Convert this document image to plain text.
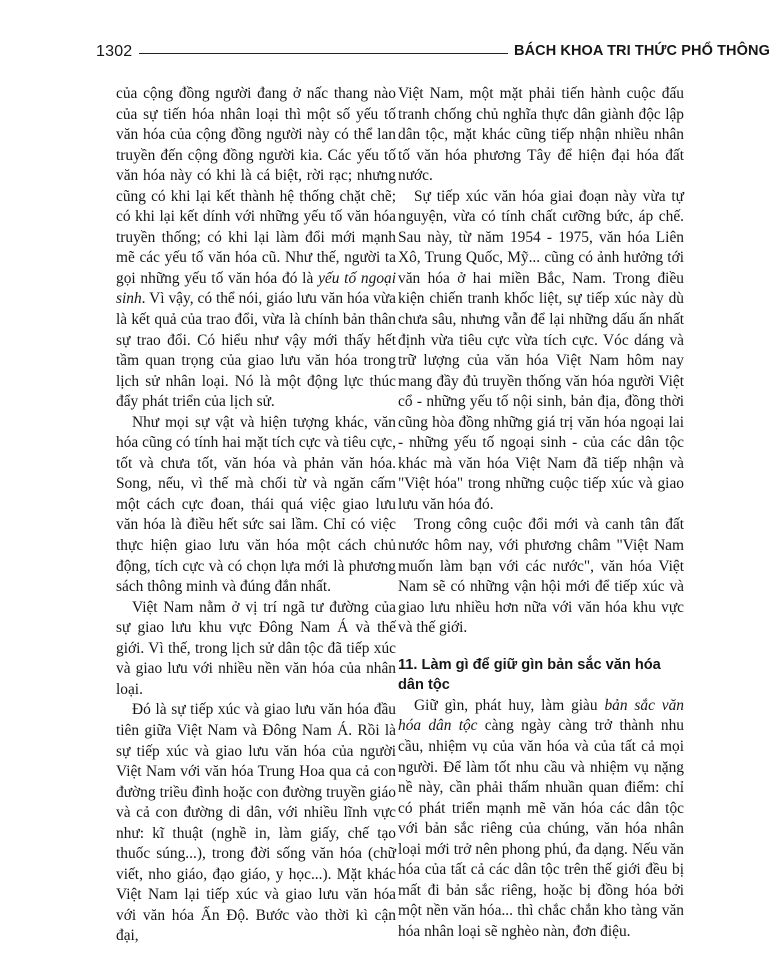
1302	BÁCH KHOA TRI THỨC PHỔ THÔNG

của cộng đồng người đang ở nấc thang nào của sự tiến hóa nhân loại thì một số yếu tố văn hóa của cộng đồng người này có thể lan truyền đến cộng đồng người kia. Các yếu tố văn hóa này có khi là cá biệt, rời rạc; nhưng cũng có khi lại kết thành hệ thống chặt chẽ; có khi lại kết dính với những yếu tố văn hóa truyền thống; có khi lại làm đổi mới mạnh mẽ các yếu tố văn hóa cũ. Như thế, người ta gọi những yếu tố văn hóa đó là yếu tố ngoại sinh. Vì vậy, có thể nói, giáo lưu văn hóa vừa là kết quả của trao đổi, vừa là chính bản thân sự trao đổi. Có hiểu như vậy mới thấy hết tầm quan trọng của giao lưu văn hóa trong lịch sử nhân loại. Nó là một động lực thúc đẩy phát triển của lịch sử.

Như mọi sự vật và hiện tượng khác, văn hóa cũng có tính hai mặt tích cực và tiêu cực, tốt và chưa tốt, văn hóa và phản văn hóa. Song, nếu, vì thế mà chối từ và ngăn cấm một cách cực đoan, thái quá việc giao lưu văn hóa là điều hết sức sai lầm. Chỉ có việc thực hiện giao lưu văn hóa một cách chủ động, tích cực và có chọn lựa mới là phương sách thông minh và đúng đắn nhất.

Việt Nam nằm ở vị trí ngã tư đường của sự giao lưu khu vực Đông Nam Á và thế giới. Vì thế, trong lịch sử dân tộc đã tiếp xúc và giao lưu với nhiều nền văn hóa của nhân loại.

Đó là sự tiếp xúc và giao lưu văn hóa đầu tiên giữa Việt Nam và Đông Nam Á. Rồi là sự tiếp xúc và giao lưu văn hóa của người Việt Nam với văn hóa Trung Hoa qua cả con đường triều đình hoặc con đường truyền giáo và cả con đường di dân, với nhiều lĩnh vực như: kĩ thuật (nghề in, làm giấy, chế tạo thuốc súng...), trong đời sống văn hóa (chữ viết, nho giáo, đạo giáo, y học...). Mặt khác Việt Nam lại tiếp xúc và giao lưu văn hóa với văn hóa Ấn Độ. Bước vào thời kì cận đại,

Việt Nam, một mặt phải tiến hành cuộc đấu tranh chống chủ nghĩa thực dân giành độc lập dân tộc, mặt khác cũng tiếp nhận nhiều nhân tố văn hóa phương Tây để hiện đại hóa đất nước.

Sự tiếp xúc văn hóa giai đoạn này vừa tự nguyện, vừa có tính chất cưỡng bức, áp chế. Sau này, từ năm 1954 - 1975, văn hóa Liên Xô, Trung Quốc, Mỹ... cũng có ảnh hưởng tới văn hóa ở hai miền Bắc, Nam. Trong điều kiện chiến tranh khốc liệt, sự tiếp xúc này dù chưa sâu, nhưng vẫn để lại những dấu ấn nhất định vừa tiêu cực vừa tích cực. Vóc dáng và trữ lượng của văn hóa Việt Nam hôm nay mang đầy đủ truyền thống văn hóa người Việt cổ - những yếu tố nội sinh, bản địa, đồng thời cũng hòa đồng những giá trị văn hóa ngoại lai - những yếu tố ngoại sinh - của các dân tộc khác mà văn hóa Việt Nam đã tiếp nhận và "Việt hóa" trong những cuộc tiếp xúc và giao lưu văn hóa đó.

Trong công cuộc đổi mới và canh tân đất nước hôm nay, với phương châm "Việt Nam muốn làm bạn với các nước", văn hóa Việt Nam sẽ có những vận hội mới để tiếp xúc và giao lưu nhiều hơn nữa với văn hóa khu vực và thế giới.

11. Làm gì để giữ gìn bản sắc văn hóa dân tộc

Giữ gìn, phát huy, làm giàu bản sắc văn hóa dân tộc càng ngày càng trở thành nhu cầu, nhiệm vụ của văn hóa và của tất cả mọi người. Để làm tốt nhu cầu và nhiệm vụ nặng nề này, cần phải thấm nhuần quan điểm: chỉ có phát triển mạnh mẽ văn hóa các dân tộc với bản sắc riêng của chúng, văn hóa nhân loại mới trở nên phong phú, đa dạng. Nếu văn hóa của tất cả các dân tộc trên thế giới đều bị mất đi bản sắc riêng, hoặc bị đồng hóa bởi một nền văn hóa... thì chắc chắn kho tàng văn hóa nhân loại sẽ nghèo nàn, đơn điệu.
